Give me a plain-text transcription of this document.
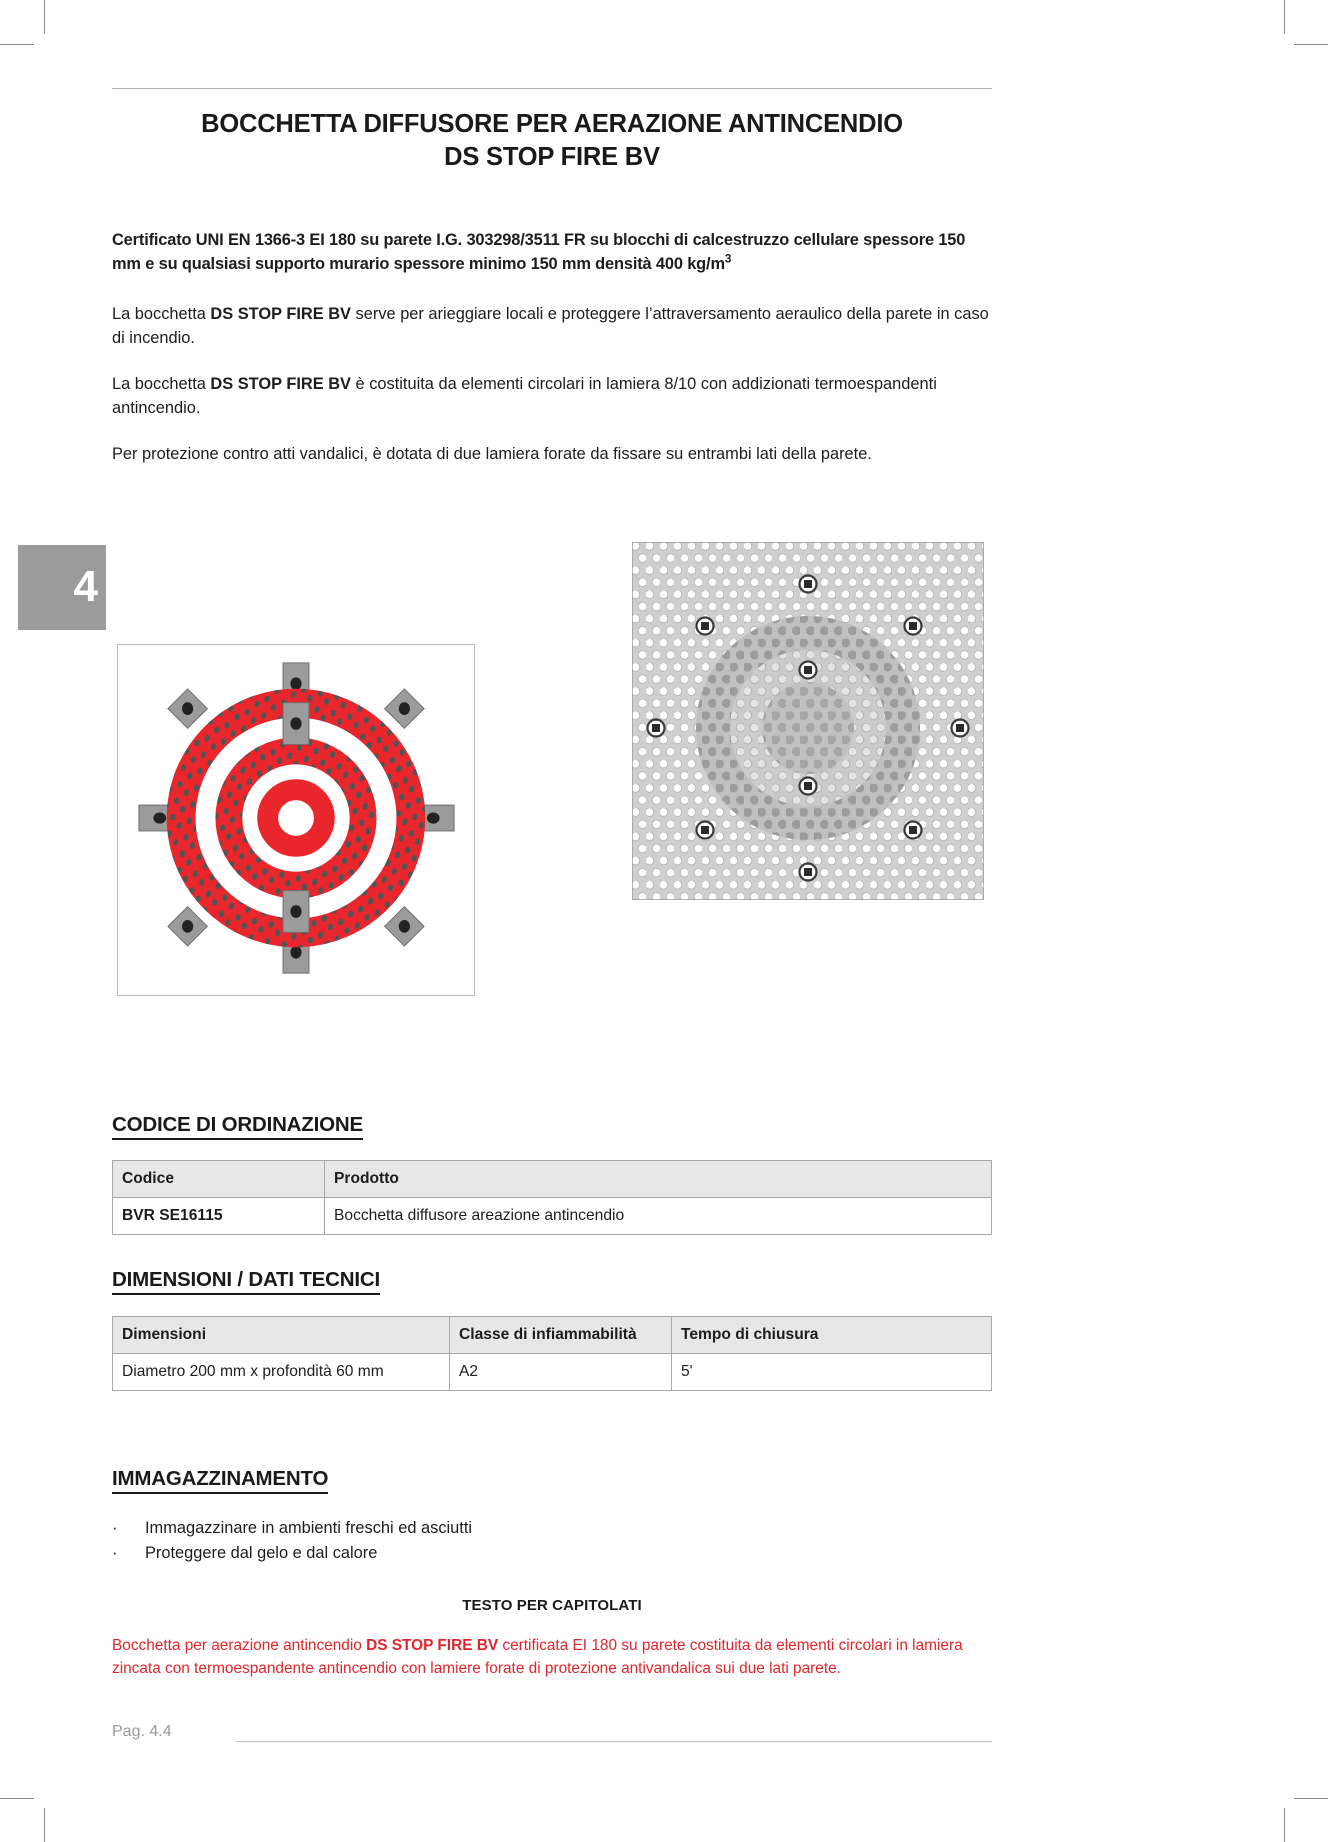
BOCCHETTA DIFFUSORE PER AERAZIONE ANTINCENDIO
DS STOP FIRE BV

Certificato UNI EN 1366-3 EI 180 su parete I.G. 303298/3511 FR su blocchi di calcestruzzo cellulare spessore 150 mm e su qualsiasi supporto murario spessore minimo 150 mm densità 400 $kg/m^3$

La bocchetta DS STOP FIRE BV serve per arieggiare locali e proteggere l’attraversamento aeraulico della parete in caso di incendio.

La bocchetta DS STOP FIRE BV è costituita da elementi circolari in lamiera 8/10 con addizionati termoespandenti antincendio.

Per protezione contro atti vandalici, è dotata di due lamiera forate da fissare su entrambi lati della parete.

4
CODICE DI ORDINAZIONE
Codice	Prodotto
BVR SE16115	Bocchetta diffusore areazione antincendio
DIMENSIONI / DATI TECNICI
Dimensioni	Classe di infiammabilità	Tempo di chiusura
Diametro 200 mm x profondità 60 mm	A2	5'
IMMAGAZZINAMENTO
·	Immagazzinare in ambienti freschi ed asciutti
·	Proteggere dal gelo e dal calore
TESTO PER CAPITOLATI
Bocchetta per aerazione antincendio DS STOP FIRE BV certificata EI 180 su parete costituita da elementi circolari in lamiera zincata con termoespandente antincendio con lamiere forate di protezione antivandalica sui due lati parete.
Pag. 4.4
